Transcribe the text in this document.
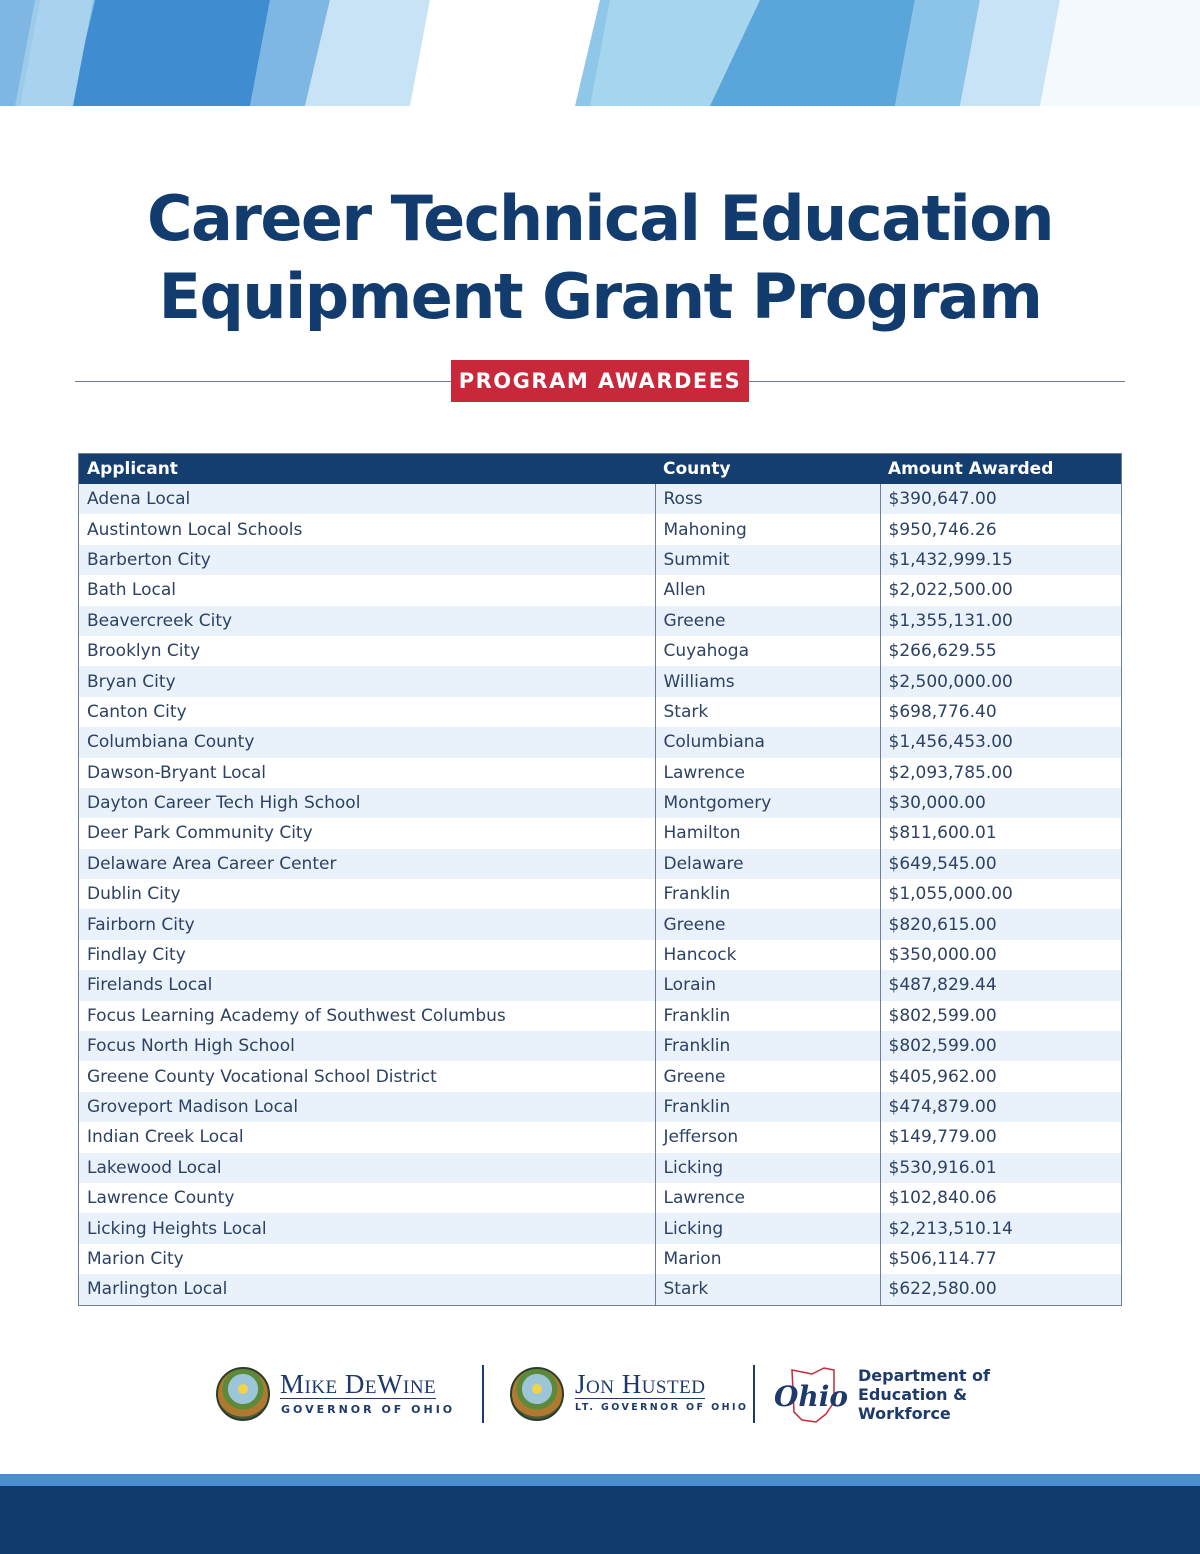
Career Technical Education
Equipment Grant Program
PROGRAM AWARDEES
Applicant	County	Amount Awarded
Adena Local	Ross	$390,647.00
Austintown Local Schools	Mahoning	$950,746.26
Barberton City	Summit	$1,432,999.15
Bath Local	Allen	$2,022,500.00
Beavercreek City	Greene	$1,355,131.00
Brooklyn City	Cuyahoga	$266,629.55
Bryan City	Williams	$2,500,000.00
Canton City	Stark	$698,776.40
Columbiana County	Columbiana	$1,456,453.00
Dawson-Bryant Local	Lawrence	$2,093,785.00
Dayton Career Tech High School	Montgomery	$30,000.00
Deer Park Community City	Hamilton	$811,600.01
Delaware Area Career Center	Delaware	$649,545.00
Dublin City	Franklin	$1,055,000.00
Fairborn City	Greene	$820,615.00
Findlay City	Hancock	$350,000.00
Firelands Local	Lorain	$487,829.44
Focus Learning Academy of Southwest Columbus	Franklin	$802,599.00
Focus North High School	Franklin	$802,599.00
Greene County Vocational School District	Greene	$405,962.00
Groveport Madison Local	Franklin	$474,879.00
Indian Creek Local	Jefferson	$149,779.00
Lakewood Local	Licking	$530,916.01
Lawrence County	Lawrence	$102,840.06
Licking Heights Local	Licking	$2,213,510.14
Marion City	Marion	$506,114.77
Marlington Local	Stark	$622,580.00
Mike DeWine
GOVERNOR OF OHIO
Jon Husted
LT. GOVERNOR OF OHIO Ohio
Department of
Education &
Workforce
